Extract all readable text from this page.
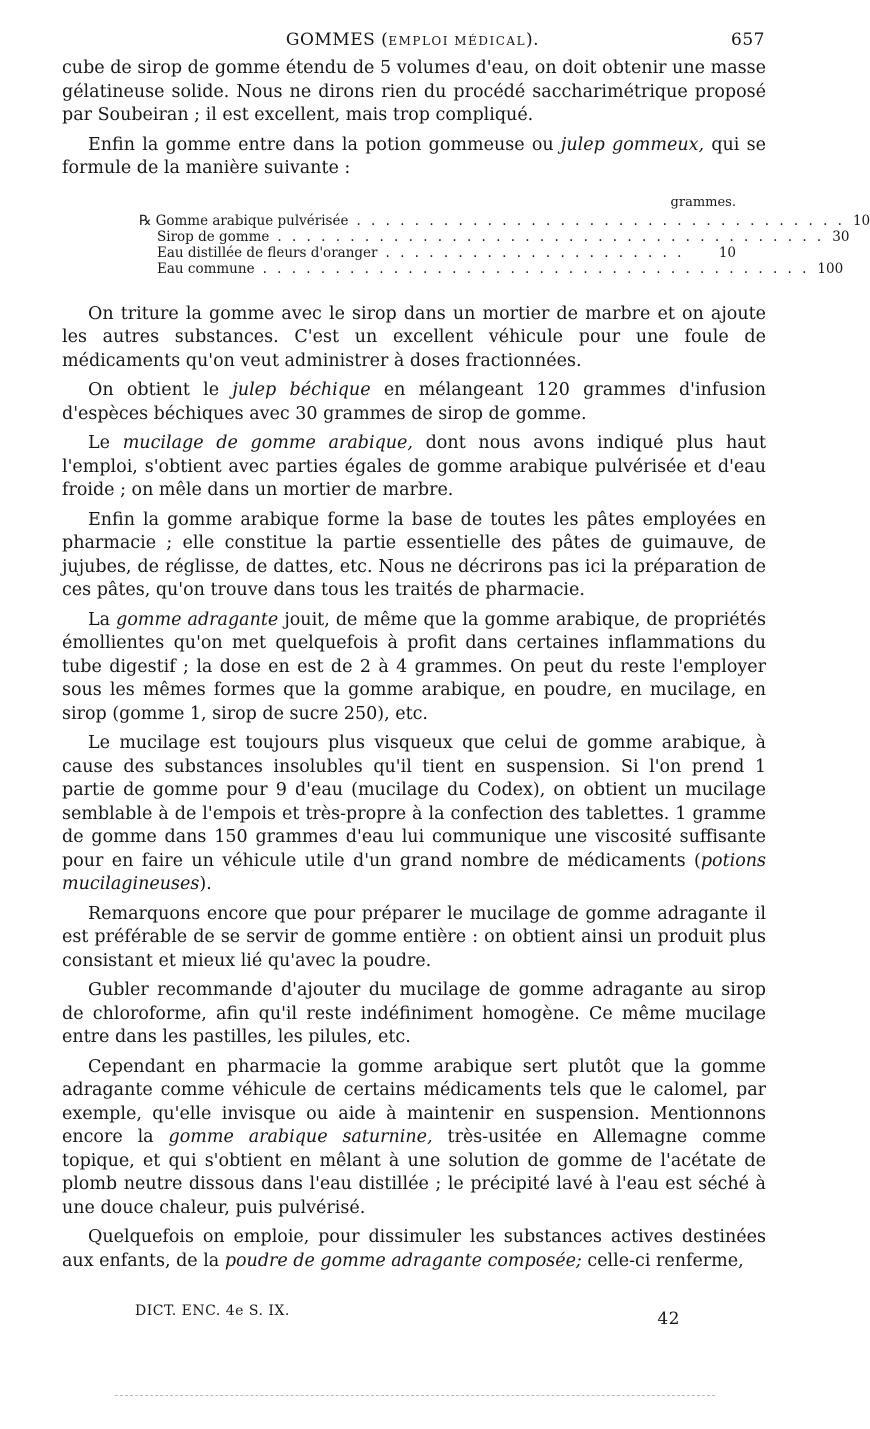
GOMMES (EMPLOI MÉDICAL).	657

cube de sirop de gomme étendu de 5 volumes d'eau, on doit obtenir une masse gélatineuse solide. Nous ne dirons rien du procédé saccharimétrique proposé par Soubeiran ; il est excellent, mais trop compliqué.

Enfin la gomme entre dans la potion gommeuse ou julep gommeux, qui se formule de la manière suivante :

grammes.
℞ Gomme arabique pulvérisée . . . . . . . . . . . . . . . . . . . . . . . . . . . . . . . . . . 10
Sirop de gomme . . . . . . . . . . . . . . . . . . . . . . . . . . . . . . . . . . . . . . 30
Eau distillée de fleurs d'oranger . . . . . . . . . . . . . . . . . . . . .	10
Eau commune . . . . . . . . . . . . . . . . . . . . . . . . . . . . . . . . . . . . . . 100

On triture la gomme avec le sirop dans un mortier de marbre et on ajoute les autres substances. C'est un excellent véhicule pour une foule de médicaments qu'on veut administrer à doses fractionnées.

On obtient le julep béchique en mélangeant 120 grammes d'infusion d'espèces béchiques avec 30 grammes de sirop de gomme.

Le mucilage de gomme arabique, dont nous avons indiqué plus haut l'emploi, s'obtient avec parties égales de gomme arabique pulvérisée et d'eau froide ; on mêle dans un mortier de marbre.

Enfin la gomme arabique forme la base de toutes les pâtes employées en pharmacie ; elle constitue la partie essentielle des pâtes de guimauve, de jujubes, de réglisse, de dattes, etc. Nous ne décrirons pas ici la préparation de ces pâtes, qu'on trouve dans tous les traités de pharmacie.

La gomme adragante jouit, de même que la gomme arabique, de propriétés émollientes qu'on met quelquefois à profit dans certaines inflammations du tube digestif ; la dose en est de 2 à 4 grammes. On peut du reste l'employer sous les mêmes formes que la gomme arabique, en poudre, en mucilage, en sirop (gomme 1, sirop de sucre 250), etc.

Le mucilage est toujours plus visqueux que celui de gomme arabique, à cause des substances insolubles qu'il tient en suspension. Si l'on prend 1 partie de gomme pour 9 d'eau (mucilage du Codex), on obtient un mucilage semblable à de l'empois et très-propre à la confection des tablettes. 1 gramme de gomme dans 150 grammes d'eau lui communique une viscosité suffisante pour en faire un véhicule utile d'un grand nombre de médicaments (potions mucilagineuses).

Remarquons encore que pour préparer le mucilage de gomme adragante il est préférable de se servir de gomme entière : on obtient ainsi un produit plus consistant et mieux lié qu'avec la poudre.

Gubler recommande d'ajouter du mucilage de gomme adragante au sirop de chloroforme, afin qu'il reste indéfiniment homogène. Ce même mucilage entre dans les pastilles, les pilules, etc.

Cependant en pharmacie la gomme arabique sert plutôt que la gomme adragante comme véhicule de certains médicaments tels que le calomel, par exemple, qu'elle invisque ou aide à maintenir en suspension. Mentionnons encore la gomme arabique saturnine, très-usitée en Allemagne comme topique, et qui s'obtient en mêlant à une solution de gomme de l'acétate de plomb neutre dissous dans l'eau distillée ; le précipité lavé à l'eau est séché à une douce chaleur, puis pulvérisé.

Quelquefois on emploie, pour dissimuler les substances actives destinées aux enfants, de la poudre de gomme adragante composée; celle-ci renferme,

DICT. ENC. 4e S. IX.	42
